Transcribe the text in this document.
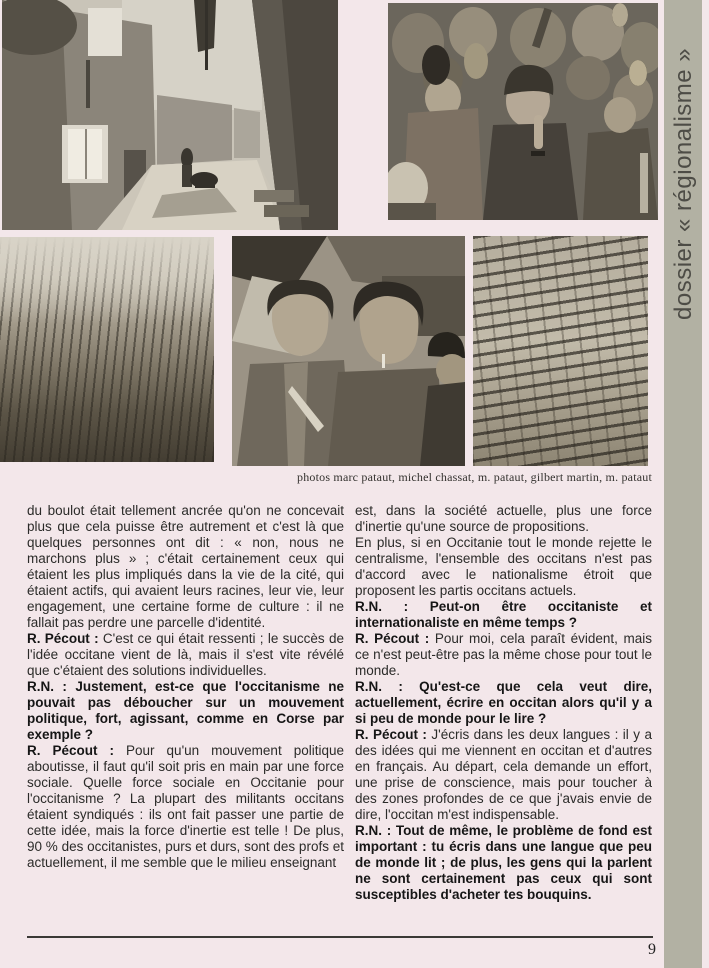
dossier « régionalisme »
photos marc pataut, michel chassat, m. pataut, gilbert martin, m. pataut

du boulot était tellement ancrée qu'on ne concevait plus que cela puisse être autrement et c'est là que quelques personnes ont dit : « non, nous ne marchons plus » ; c'était certainement ceux qui étaient les plus impliqués dans la vie de la cité, qui étaient actifs, qui avaient leurs racines, leur vie, leur engagement, une certaine forme de culture : il ne fallait pas perdre une parcelle d'identité.

R. Pécout : C'est ce qui était ressenti ; le succès de l'idée occitane vient de là, mais il s'est vite révélé que c'étaient des solutions individuelles.

R.N. : Justement, est-ce que l'occitanisme ne pouvait pas déboucher sur un mouvement politique, fort, agissant, comme en Corse par exemple ?

R. Pécout : Pour qu'un mouvement politique aboutisse, il faut qu'il soit pris en main par une force sociale. Quelle force sociale en Occitanie pour l'occitanisme ? La plupart des militants occitans étaient syndiqués : ils ont fait passer une partie de cette idée, mais la force d'inertie est telle ! De plus, 90 % des occitanistes, purs et durs, sont des profs et actuellement, il me semble que le milieu enseignant

est, dans la société actuelle, plus une force d'inertie qu'une source de propositions.

En plus, si en Occitanie tout le monde rejette le centralisme, l'ensemble des occitans n'est pas d'accord avec le nationalisme étroit que proposent les partis occitans actuels.

R.N. : Peut-on être occitaniste et internationaliste en même temps ?

R. Pécout : Pour moi, cela paraît évident, mais ce n'est peut-être pas la même chose pour tout le monde.

R.N. : Qu'est-ce que cela veut dire, actuellement, écrire en occitan alors qu'il y a si peu de monde pour le lire ?

R. Pécout : J'écris dans les deux langues : il y a des idées qui me viennent en occitan et d'autres en français. Au départ, cela demande un effort, une prise de conscience, mais pour toucher à des zones profondes de ce que j'avais envie de dire, l'occitan m'est indispensable.

R.N. : Tout de même, le problème de fond est important : tu écris dans une langue que peu de monde lit ; de plus, les gens qui la parlent ne sont certainement pas ceux qui sont susceptibles d'acheter tes bouquins.

9
